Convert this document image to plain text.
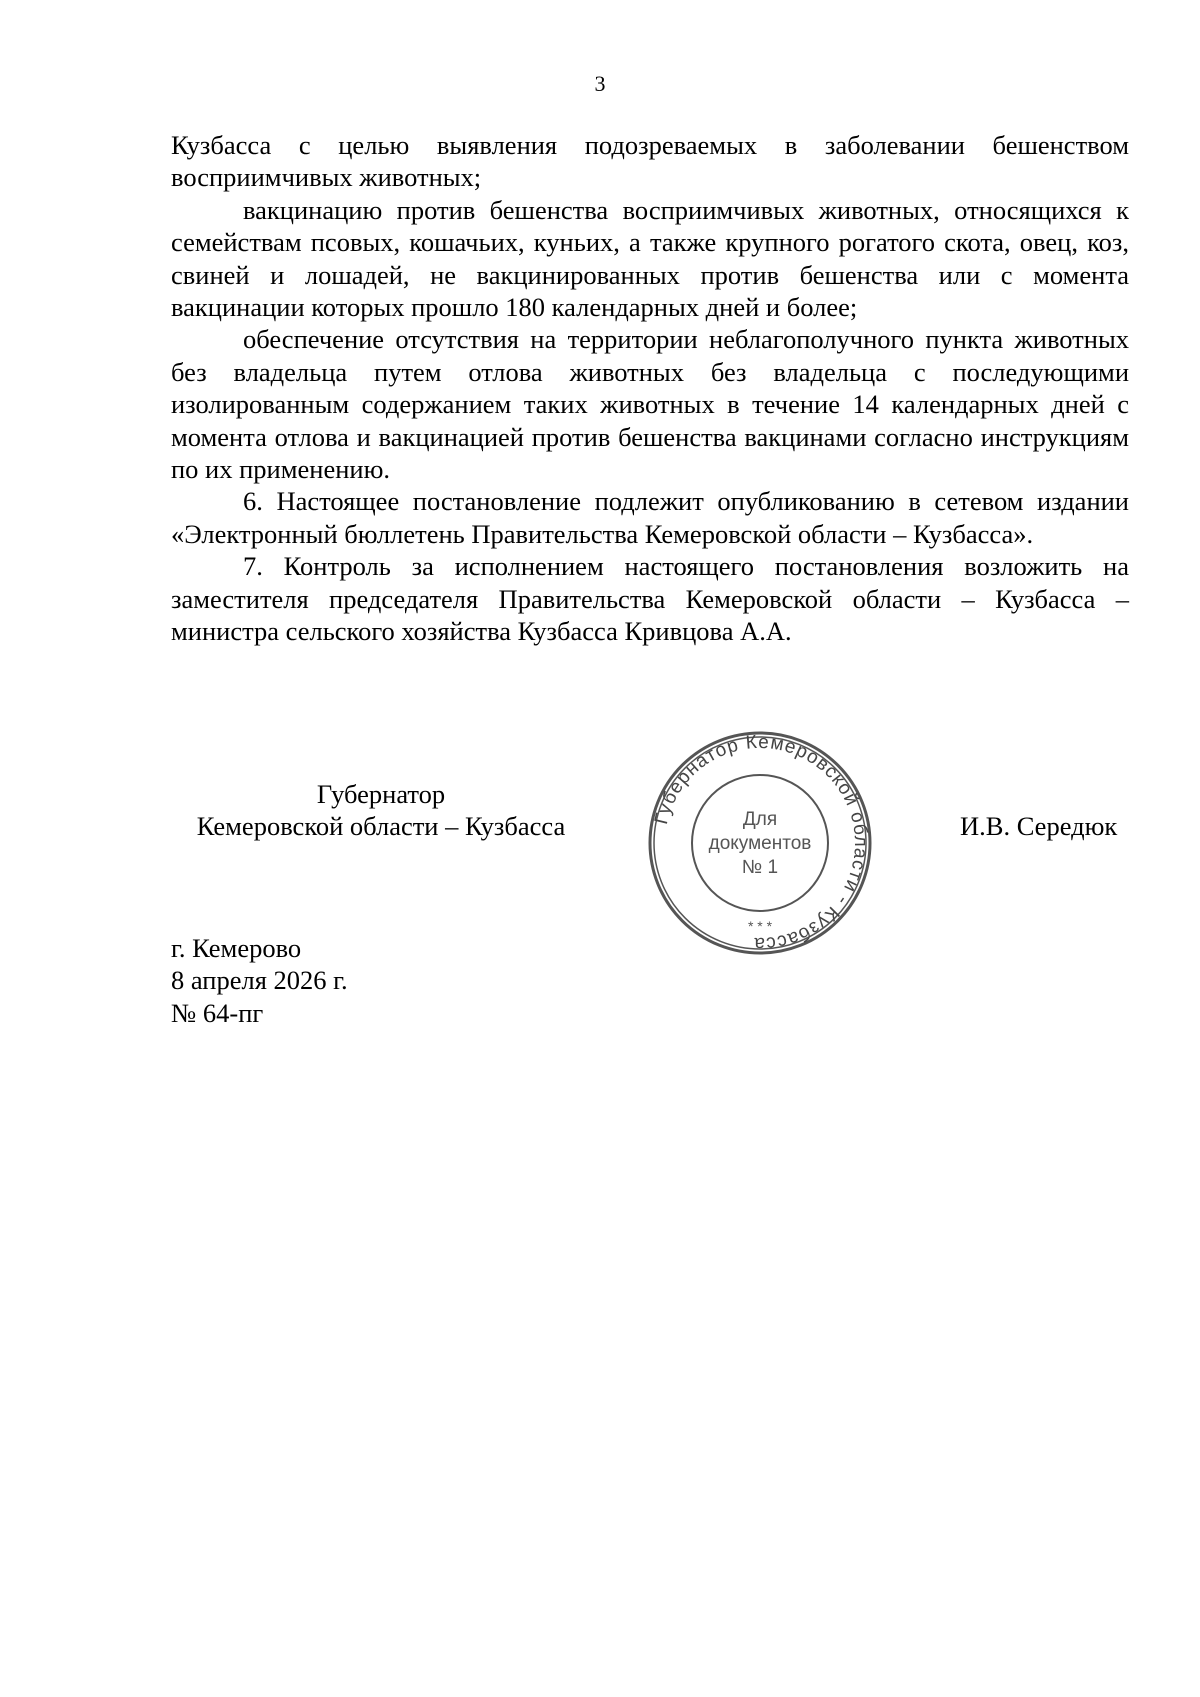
3

Кузбасса с целью выявления подозреваемых в заболевании бешенством восприимчивых животных;

вакцинацию против бешенства восприимчивых животных, относящихся к семействам псовых, кошачьих, куньих, а также крупного рогатого скота, овец, коз, свиней и лошадей, не вакцинированных против бешенства или с момента вакцинации которых прошло 180 календарных дней и более;

обеспечение отсутствия на территории неблагополучного пункта животных без владельца путем отлова животных без владельца с последующими изолированным содержанием таких животных в течение 14 календарных дней с момента отлова и вакцинацией против бешенства вакцинами согласно инструкциям по их применению.

6. Настоящее постановление подлежит опубликованию в сетевом издании «Электронный бюллетень Правительства Кемеровской области – Кузбасса».

7. Контроль за исполнением настоящего постановления возложить на заместителя председателя Правительства Кемеровской области – Кузбасса – министра сельского хозяйства Кузбасса Кривцова А.А.

Губернатор
Кемеровской области – Кузбасса	И.В. Середюк
Губернатор Кемеровской области - Кузбасса
Для
документов
№ 1
* * *
г. Кемерово
8 апреля 2026 г.
№ 64-пг
